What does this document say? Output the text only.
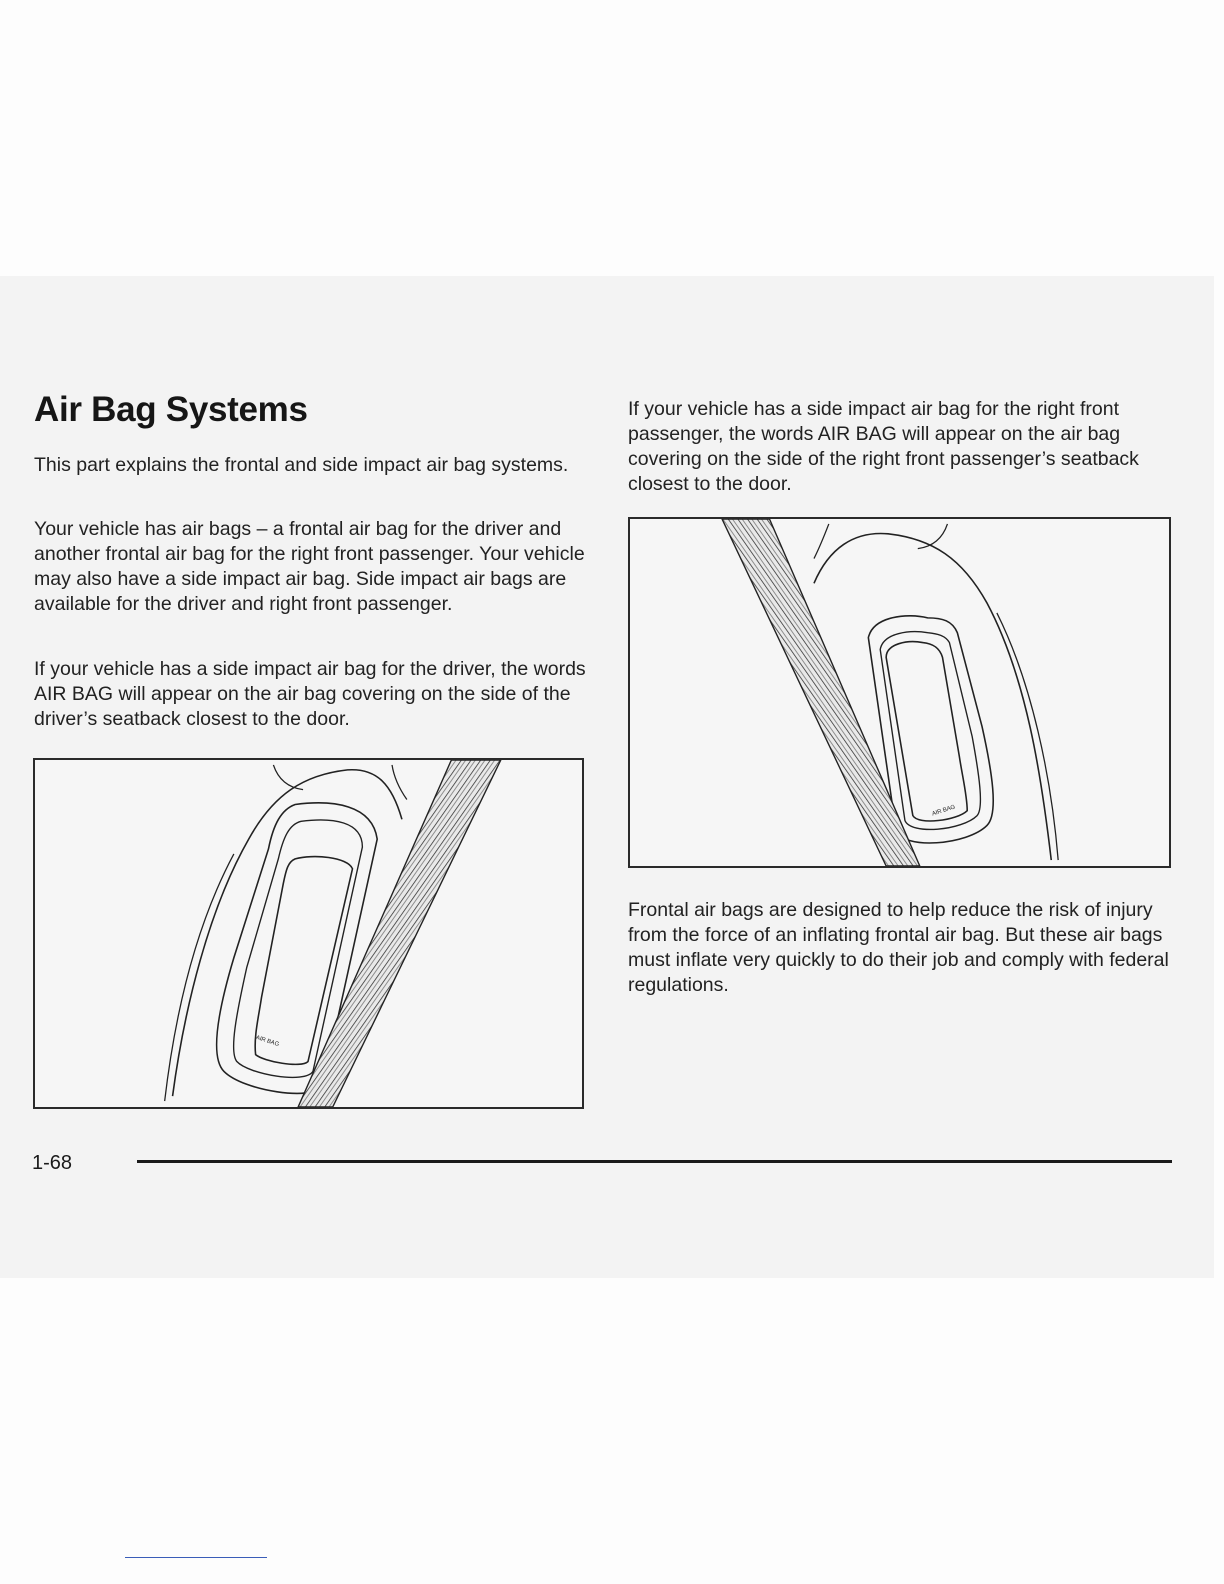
Air Bag Systems

This part explains the frontal and side impact air bag systems.

Your vehicle has air bags – a frontal air bag for the driver and another frontal air bag for the right front passenger. Your vehicle may also have a side impact air bag. Side impact air bags are available for the driver and right front passenger.

If your vehicle has a side impact air bag for the driver, the words AIR BAG will appear on the air bag covering on the side of the driver’s seatback closest to the door.

If your vehicle has a side impact air bag for the right front passenger, the words AIR BAG will appear on the air bag covering on the side of the right front passenger’s seatback closest to the door.

Frontal air bags are designed to help reduce the risk of injury from the force of an inflating frontal air bag. But these air bags must inflate very quickly to do their job and comply with federal regulations.

AIR BAG
AIR BAG
1-68
